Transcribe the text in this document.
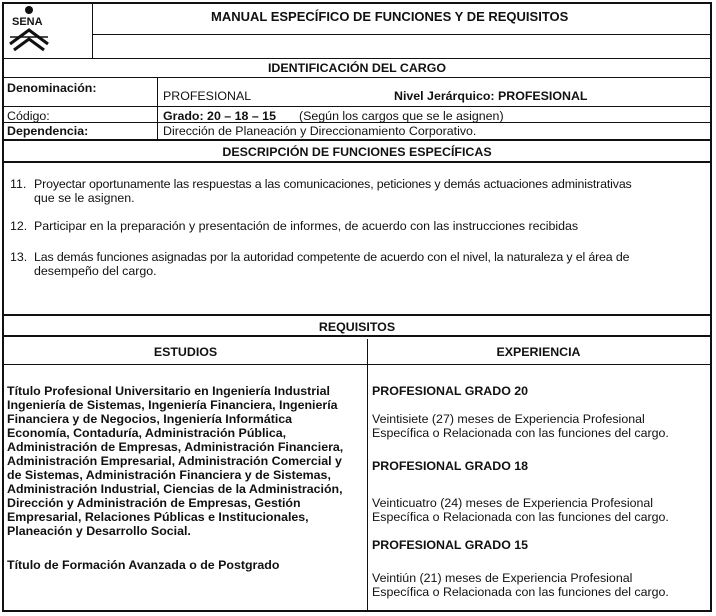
SENA	MANUAL ESPECÍFICO DE FUNCIONES Y DE REQUISITOS
IDENTIFICACIÓN DEL CARGO
Denominación:
PROFESIONAL	Nivel Jerárquico: PROFESIONAL
Código:	Grado: 20 – 18 – 15 (Según los cargos que se le asignen)
Dependencia:	Dirección de Planeación y Direccionamiento Corporativo.
DESCRIPCIÓN DE FUNCIONES ESPECÍFICAS
11. Proyectar oportunamente las respuestas a las comunicaciones, peticiones y demás actuaciones administrativas
que se le asignen.
12. Participar en la preparación y presentación de informes, de acuerdo con las instrucciones recibidas
13. Las demás funciones asignadas por la autoridad competente de acuerdo con el nivel, la naturaleza y el área de
desempeño del cargo.
REQUISITOS
ESTUDIOS	EXPERIENCIA
Título Profesional Universitario en Ingeniería Industrial
Ingeniería de Sistemas, Ingeniería Financiera, Ingeniería
Financiera y de Negocios, Ingeniería Informática
Economía, Contaduría, Administración Pública,
Administración de Empresas, Administración Financiera,
Administración Empresarial, Administración Comercial y
de Sistemas, Administración Financiera y de Sistemas,
Administración Industrial, Ciencias de la Administración,
Dirección y Administración de Empresas, Gestión
Empresarial, Relaciones Públicas e Institucionales,
Planeación y Desarrollo Social.
Título de Formación Avanzada o de Postgrado
PROFESIONAL GRADO 20
Veintisiete (27) meses de Experiencia Profesional
Específica o Relacionada con las funciones del cargo.
PROFESIONAL GRADO 18
Veinticuatro (24) meses de Experiencia Profesional
Específica o Relacionada con las funciones del cargo.
PROFESIONAL GRADO 15
Veintiún (21) meses de Experiencia Profesional
Específica o Relacionada con las funciones del cargo.
